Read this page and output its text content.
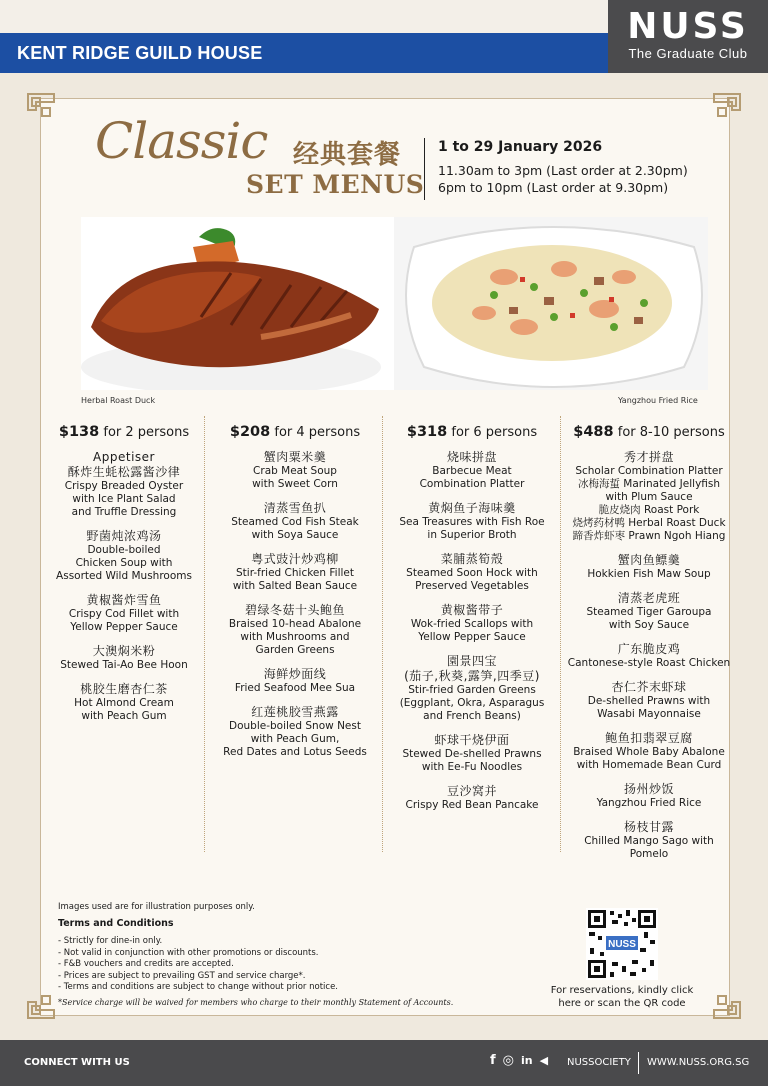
KENT RIDGE GUILD HOUSE
NUSS
The Graduate Club
Classic 经典套餐
SET MENUS
1 to 29 January 2026
11.30am to 3pm (Last order at 2.30pm)
6pm to 10pm (Last order at 9.30pm)
Herbal Roast Duck	Yangzhou Fried Rice
$138 for 2 persons
Appetiser
酥炸生蚝松露酱沙律
Crispy Breaded Oyster
with Ice Plant Salad
and Truffle Dressing
野菌炖浓鸡汤
Double-boiled
Chicken Soup with
Assorted Wild Mushrooms
黄椒酱炸雪鱼
Crispy Cod Fillet with
Yellow Pepper Sauce
大澳焖米粉
Stewed Tai-Ao Bee Hoon
桃胶生磨杏仁茶
Hot Almond Cream
with Peach Gum
$208 for 4 persons
蟹肉粟米羹
Crab Meat Soup
with Sweet Corn
清蒸雪鱼扒
Steamed Cod Fish Steak
with Soya Sauce
粤式豉汁炒鸡柳
Stir-fried Chicken Fillet
with Salted Bean Sauce
碧绿冬菇十头鲍鱼
Braised 10-head Abalone
with Mushrooms and
Garden Greens
海鲜炒面线
Fried Seafood Mee Sua
红莲桃胶雪燕露
Double-boiled Snow Nest
with Peach Gum,
Red Dates and Lotus Seeds
$318 for 6 persons
烧味拼盘
Barbecue Meat
Combination Platter
黄焖鱼子海味羹
Sea Treasures with Fish Roe
in Superior Broth
菜脯蒸筍殼
Steamed Soon Hock with
Preserved Vegetables
黄椒酱带子
Wok-fried Scallops with
Yellow Pepper Sauce
園景四宝
(茄子,秋葵,露笋,四季豆)
Stir-fried Garden Greens
(Eggplant, Okra, Asparagus
and French Beans)
虾球干烧伊面
Stewed De-shelled Prawns
with Ee-Fu Noodles
豆沙窝并
Crispy Red Bean Pancake
$488 for 8-10 persons
秀才拼盘
Scholar Combination Platter
冰梅海蜇 Marinated Jellyfish
with Plum Sauce
脆皮烧肉 Roast Pork
烧烤药材鸭 Herbal Roast Duck
蹄香炸虾枣 Prawn Ngoh Hiang
蟹肉鱼鳔羹
Hokkien Fish Maw Soup
清蒸老虎班
Steamed Tiger Garoupa
with Soy Sauce
广东脆皮鸡
Cantonese-style Roast Chicken
杏仁芥末虾球
De-shelled Prawns with
Wasabi Mayonnaise
鲍鱼扣翡翠豆腐
Braised Whole Baby Abalone
with Homemade Bean Curd
扬州炒饭
Yangzhou Fried Rice
杨枝甘露
Chilled Mango Sago with Pomelo
Images used are for illustration purposes only.
Terms and Conditions
- Strictly for dine-in only.
- Not valid in conjunction with other promotions or discounts.
- F&B vouchers and credits are accepted.
- Prices are subject to prevailing GST and service charge*.
- Terms and conditions are subject to change without prior notice.
*Service charge will be waived for members who charge to their monthly Statement of Accounts.
NUSS
For reservations, kindly click
here or scan the QR code
CONNECT WITH US	f ◎ in ◀ NUSSOCIETY WWW.NUSS.ORG.SG
